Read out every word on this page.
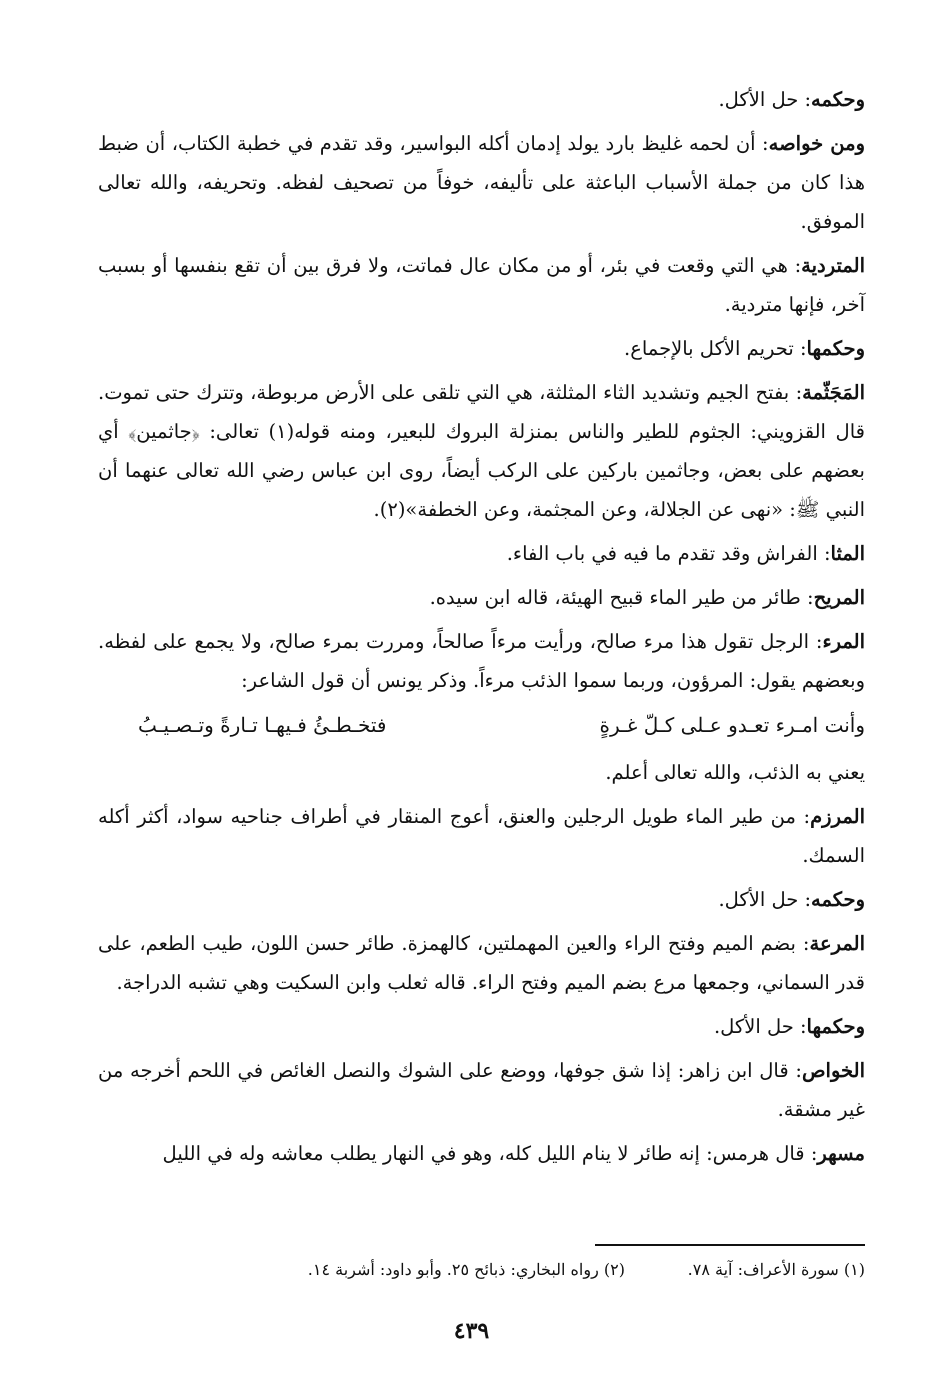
وحكمه: حل الأكل.

ومن خواصه: أن لحمه غليظ بارد يولد إدمان أكله البواسير، وقد تقدم في خطبة الكتاب، أن ضبط هذا كان من جملة الأسباب الباعثة على تأليفه، خوفاً من تصحيف لفظه. وتحريفه، والله تعالى الموفق.

المتردية: هي التي وقعت في بئر، أو من مكان عال فماتت، ولا فرق بين أن تقع بنفسها أو بسبب آخر، فإنها متردية.

وحكمها: تحريم الأكل بالإجماع.

المَجَثّمة: بفتح الجيم وتشديد الثاء المثلثة، هي التي تلقى على الأرض مربوطة، وتترك حتى تموت. قال القزويني: الجثوم للطير والناس بمنزلة البروك للبعير، ومنه قوله(١) تعالى: ﴿جاثمين﴾ أي بعضهم على بعض، وجاثمين باركين على الركب أيضاً، روى ابن عباس رضي الله تعالى عنهما أن النبي ﷺ: «نهى عن الجلالة، وعن المجثمة، وعن الخطفة»(٢).

المثا: الفراش وقد تقدم ما فيه في باب الفاء.

المريح: طائر من طير الماء قبيح الهيئة، قاله ابن سيده.

المرء: الرجل تقول هذا مرء صالح، ورأيت مرءاً صالحاً، ومررت بمرء صالح، ولا يجمع على لفظه. وبعضهم يقول: المرؤون، وربما سموا الذئب مرءاً. وذكر يونس أن قول الشاعر:

وأنت امـرء تعـدو عـلى كـلّ غـرةٍ
فتخـطـئُ فـيهـا تـارةً وتـصـيـبُ

يعني به الذئب، والله تعالى أعلم.

المرزم: من طير الماء طويل الرجلين والعنق، أعوج المنقار في أطراف جناحيه سواد، أكثر أكله السمك.

وحكمه: حل الأكل.

المرعة: بضم الميم وفتح الراء والعين المهملتين، كالهمزة. طائر حسن اللون، طيب الطعم، على قدر السماني، وجمعها مرع بضم الميم وفتح الراء. قاله ثعلب وابن السكيت وهي تشبه الدراجة.

وحكمها: حل الأكل.

الخواص: قال ابن زاهر: إذا شق جوفها، ووضع على الشوك والنصل الغائص في اللحم أخرجه من غير مشقة.

مسهر: قال هرمس: إنه طائر لا ينام الليل كله، وهو في النهار يطلب معاشه وله في الليل

(١) سورة الأعراف: آية ٧٨.
(٢) رواه البخاري: ذبائح ٢٥. وأبو داود: أشربة ١٤.
٤٣٩
